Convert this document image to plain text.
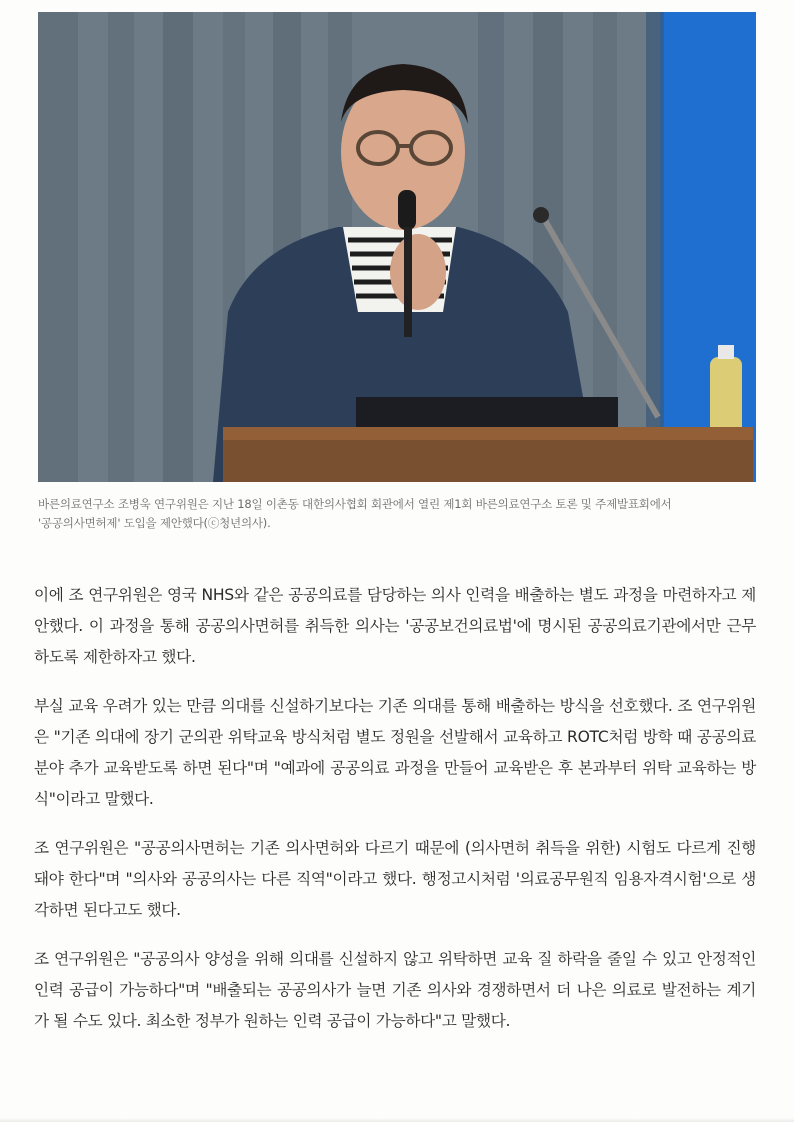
바른의료연구소 조병욱 연구위원은 지난 18일 이촌동 대한의사협회 회관에서 열린 제1회 바른의료연구소 토론 및 주제발표회에서
'공공의사면허제' 도입을 제안했다(ⓒ청년의사).

이에 조 연구위원은 영국 NHS와 같은 공공의료를 담당하는 의사 인력을 배출하는 별도 과정을 마련하자고 제안했다. 이 과정을 통해 공공의사면허를 취득한 의사는 '공공보건의료법'에 명시된 공공의료기관에서만 근무하도록 제한하자고 했다.

부실 교육 우려가 있는 만큼 의대를 신설하기보다는 기존 의대를 통해 배출하는 방식을 선호했다. 조 연구위원은 "기존 의대에 장기 군의관 위탁교육 방식처럼 별도 정원을 선발해서 교육하고 ROTC처럼 방학 때 공공의료 분야 추가 교육받도록 하면 된다"며 "예과에 공공의료 과정을 만들어 교육받은 후 본과부터 위탁 교육하는 방식"이라고 말했다.

조 연구위원은 "공공의사면허는 기존 의사면허와 다르기 때문에 (의사면허 취득을 위한) 시험도 다르게 진행돼야 한다"며 "의사와 공공의사는 다른 직역"이라고 했다. 행정고시처럼 '의료공무원직 임용자격시험'으로 생각하면 된다고도 했다.

조 연구위원은 "공공의사 양성을 위해 의대를 신설하지 않고 위탁하면 교육 질 하락을 줄일 수 있고 안정적인 인력 공급이 가능하다"며 "배출되는 공공의사가 늘면 기존 의사와 경쟁하면서 더 나은 의료로 발전하는 계기가 될 수도 있다. 최소한 정부가 원하는 인력 공급이 가능하다"고 말했다.
